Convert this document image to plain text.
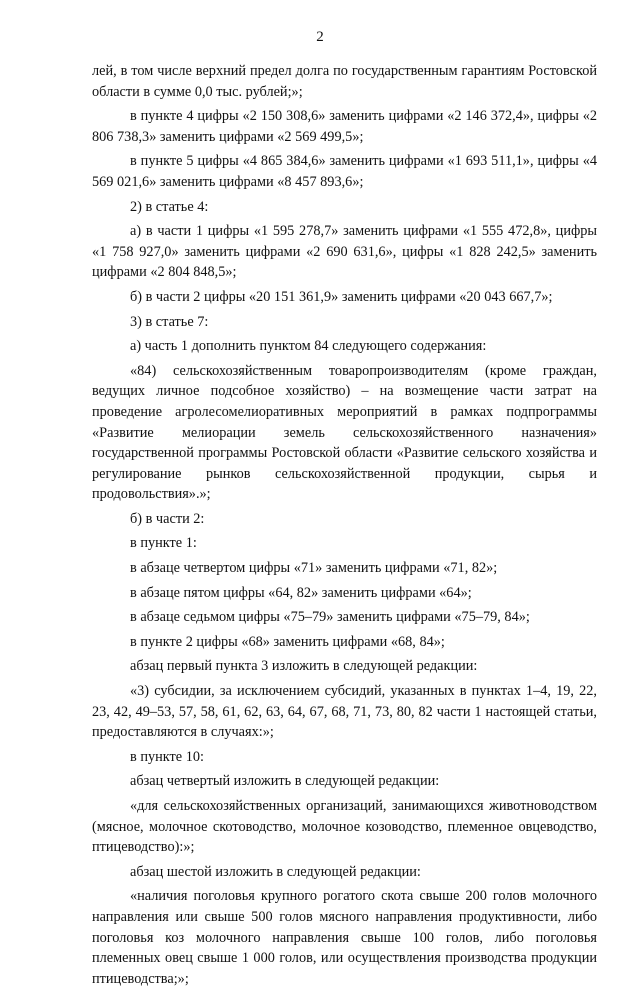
2

лей, в том числе верхний предел долга по государственным гарантиям Ростовской области в сумме 0,0 тыс. рублей;»;

в пункте 4 цифры «2 150 308,6» заменить цифрами «2 146 372,4», цифры «2 806 738,3» заменить цифрами «2 569 499,5»;

в пункте 5 цифры «4 865 384,6» заменить цифрами «1 693 511,1», цифры «4 569 021,6» заменить цифрами «8 457 893,6»;

2) в статье 4:

а) в части 1 цифры «1 595 278,7» заменить цифрами «1 555 472,8», цифры «1 758 927,0» заменить цифрами «2 690 631,6», цифры «1 828 242,5» заменить цифрами «2 804 848,5»;

б) в части 2 цифры «20 151 361,9» заменить цифрами «20 043 667,7»;

3) в статье 7:

а) часть 1 дополнить пунктом 84 следующего содержания:

«84) сельскохозяйственным товаропроизводителям (кроме граждан, ведущих личное подсобное хозяйство) – на возмещение части затрат на проведение агролесомелиоративных мероприятий в рамках подпрограммы «Развитие мелиорации земель сельскохозяйственного назначения» государственной программы Ростовской области «Развитие сельского хозяйства и регулирование рынков сельскохозяйственной продукции, сырья и продовольствия».»;

б) в части 2:

в пункте 1:

в абзаце четвертом цифры «71» заменить цифрами «71, 82»;

в абзаце пятом цифры «64, 82» заменить цифрами «64»;

в абзаце седьмом цифры «75–79» заменить цифрами «75–79, 84»;

в пункте 2 цифры «68» заменить цифрами «68, 84»;

абзац первый пункта 3 изложить в следующей редакции:

«3) субсидии, за исключением субсидий, указанных в пунктах 1–4, 19, 22, 23, 42, 49–53, 57, 58, 61, 62, 63, 64, 67, 68, 71, 73, 80, 82 части 1 настоящей статьи, предоставляются в случаях:»;

в пункте 10:

абзац четвертый изложить в следующей редакции:

«для сельскохозяйственных организаций, занимающихся животноводством (мясное, молочное скотоводство, молочное козоводство, племенное овцеводство, птицеводство):»;

абзац шестой изложить в следующей редакции:

«наличия поголовья крупного рогатого скота свыше 200 голов молочного направления или свыше 500 голов мясного направления продуктивности, либо поголовья коз молочного направления свыше 100 голов, либо поголовья племенных овец свыше 1 000 голов, или осуществления производства продукции птицеводства;»;
